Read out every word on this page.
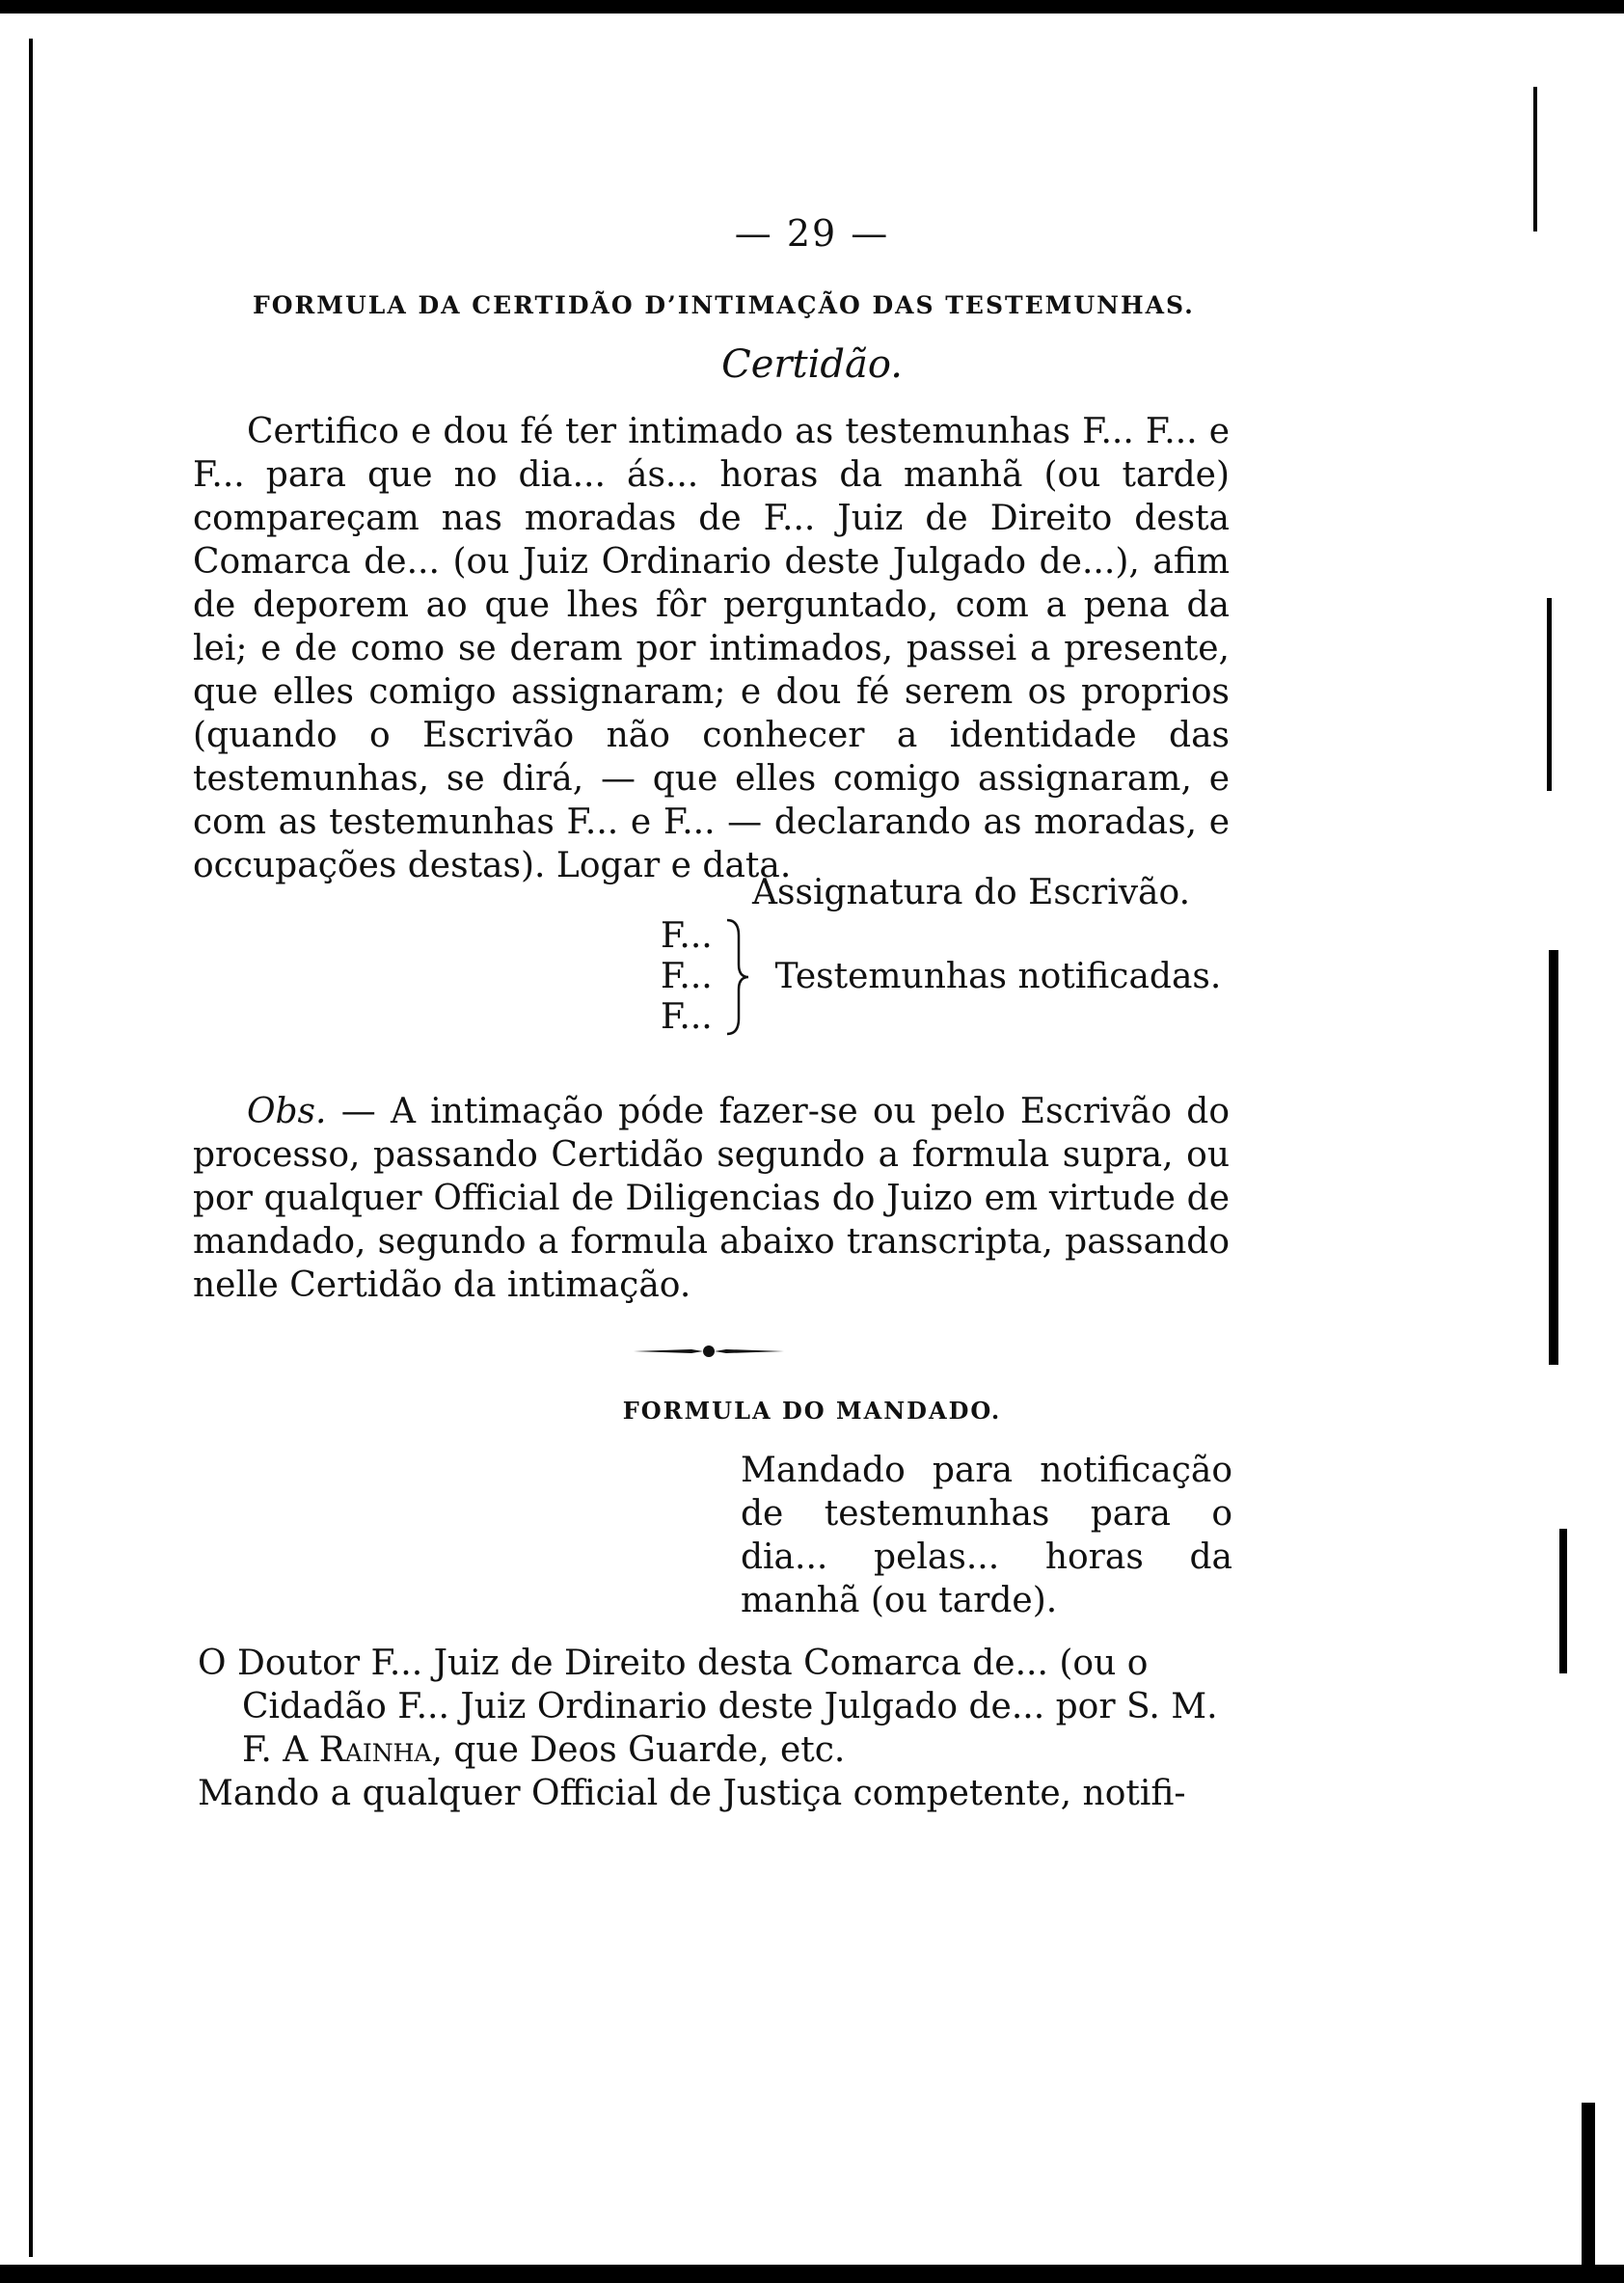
— 29 —
FORMULA DA CERTIDÃO D’INTIMAÇÃO DAS TESTEMUNHAS.
Certidão.

Certifico e dou fé ter intimado as testemunhas F... F... e F... para que no dia... ás... horas da manhã (ou tarde) compareçam nas moradas de F... Juiz de Direito desta Comarca de... (ou Juiz Ordinario deste Julgado de...), afim de deporem ao que lhes fôr perguntado, com a pena da lei; e de como se deram por intimados, passei a presente, que elles comigo assignaram; e dou fé serem os proprios (quando o Escrivão não conhecer a identidade das testemunhas, se dirá, — que elles comigo assignaram, e com as testemunhas F... e F... — declarando as moradas, e occupações destas). Logar e data.

Assignatura do Escrivão.
F...
F...
F...
Testemunhas notificadas.

Obs. — A intimação póde fazer-se ou pelo Escrivão do processo, passando Certidão segundo a formula supra, ou por qualquer Official de Diligencias do Juizo em virtude de mandado, segundo a formula abaixo transcripta, passando nelle Certidão da intimação.

FORMULA DO MANDADO.
Mandado para notificação de testemunhas para o dia... pelas... horas da manhã (ou tarde).

O Doutor F... Juiz de Direito desta Comarca de... (ou o Cidadão F... Juiz Ordinario deste Julgado de... por S. M. F. A Rainha, que Deos Guarde, etc.

Mando a qualquer Official de Justiça competente, notifi-
